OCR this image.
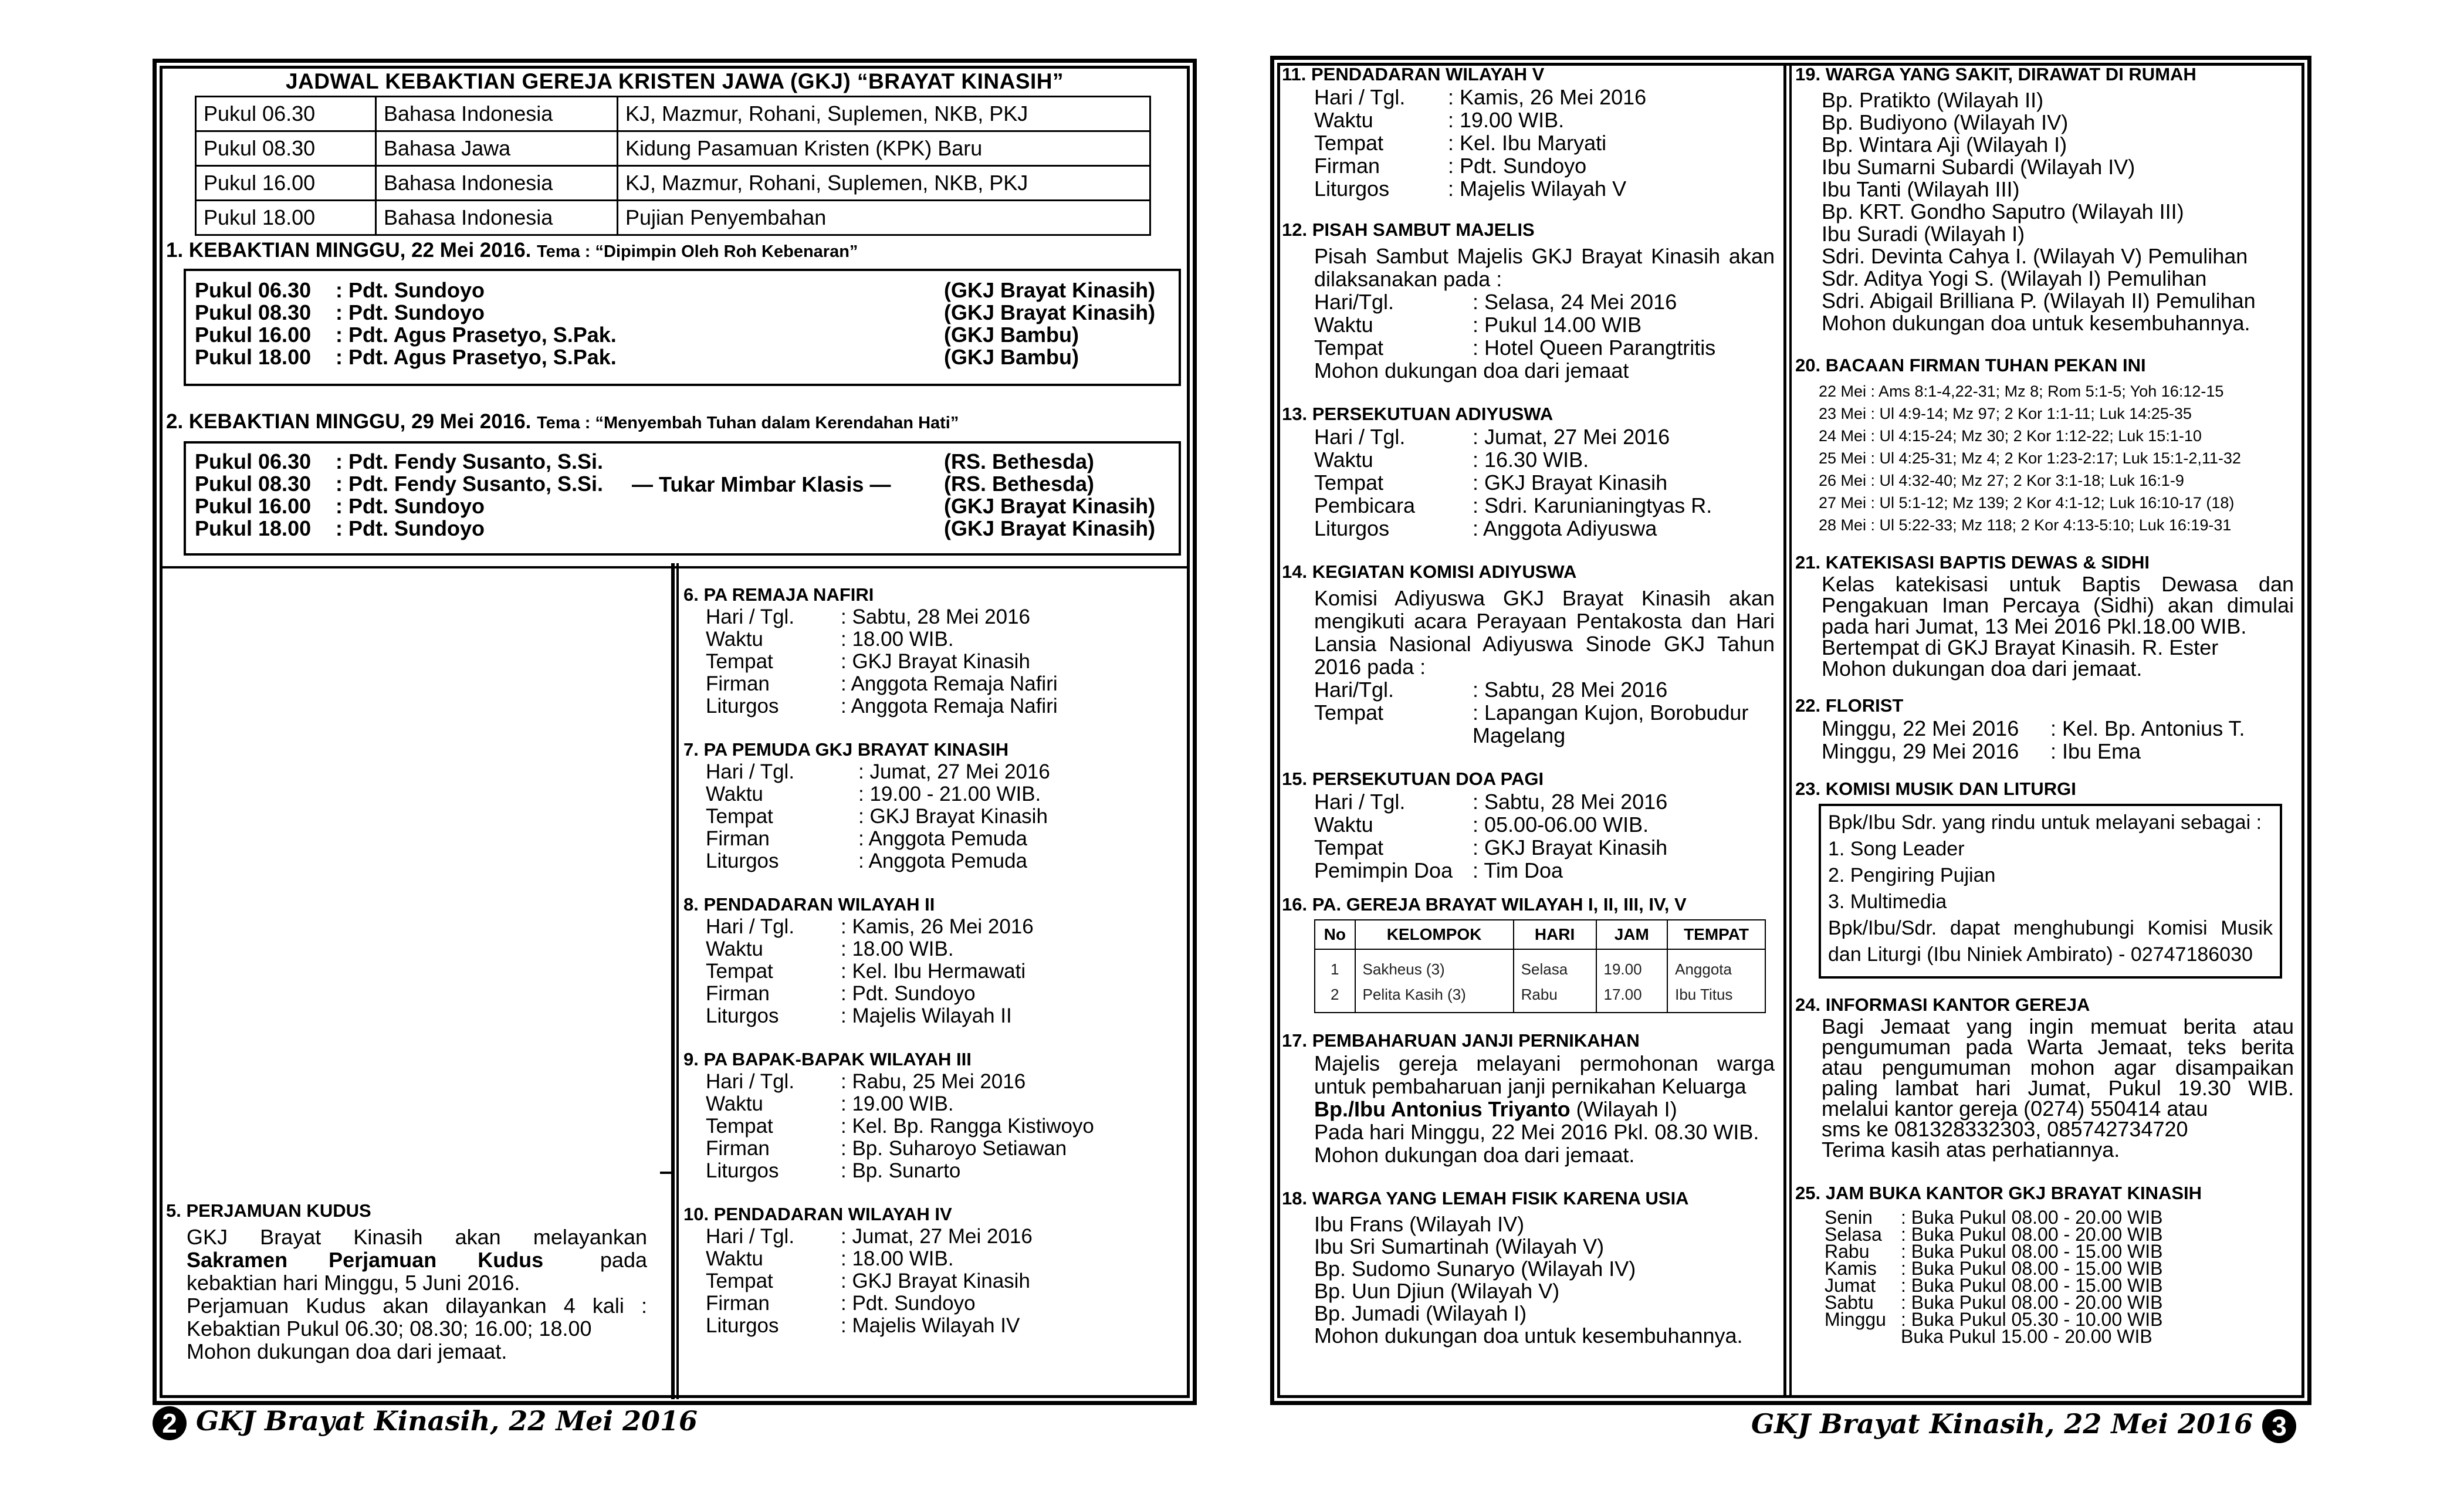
JADWAL KEBAKTIAN GEREJA KRISTEN JAWA (GKJ) “BRAYAT KINASIH”
Pukul 06.30	Bahasa Indonesia	KJ, Mazmur, Rohani, Suplemen, NKB, PKJ
Pukul 08.30	Bahasa Jawa	Kidung Pasamuan Kristen (KPK) Baru
Pukul 16.00	Bahasa Indonesia	KJ, Mazmur, Rohani, Suplemen, NKB, PKJ
Pukul 18.00	Bahasa Indonesia	Pujian Penyembahan
1. KEBAKTIAN MINGGU, 22 Mei 2016. Tema : “Dipimpin Oleh Roh Kebenaran”
Pukul 06.30	: Pdt. Sundoyo	(GKJ Brayat Kinasih)
Pukul 08.30	: Pdt. Sundoyo	(GKJ Brayat Kinasih)
Pukul 16.00	: Pdt. Agus Prasetyo, S.Pak.	(GKJ Bambu)
Pukul 18.00	: Pdt. Agus Prasetyo, S.Pak.	(GKJ Bambu)
2. KEBAKTIAN MINGGU, 29 Mei 2016. Tema : “Menyembah Tuhan dalam Kerendahan Hati”
Pukul 06.30	: Pdt. Fendy Susanto, S.Si.	(RS. Bethesda)
Pukul 08.30	: Pdt. Fendy Susanto, S.Si.	(RS. Bethesda)
Pukul 16.00	: Pdt. Sundoyo	(GKJ Brayat Kinasih)
Pukul 18.00	: Pdt. Sundoyo	(GKJ Brayat Kinasih)
— Tukar Mimbar Klasis —
5. PERJAMUAN KUDUS
GKJ Brayat Kinasih akan melayankan
Sakramen Perjamuan Kudus	pada
kebaktian hari Minggu, 5 Juni 2016.
Perjamuan Kudus akan dilayankan 4 kali :
Kebaktian Pukul 06.30; 08.30; 16.00; 18.00
Mohon dukungan doa dari jemaat.
6. PA REMAJA NAFIRI
Hari / Tgl.	: Sabtu, 28 Mei 2016
Waktu	: 18.00 WIB.
Tempat	: GKJ Brayat Kinasih
Firman	: Anggota Remaja Nafiri
Liturgos	: Anggota Remaja Nafiri
7. PA PEMUDA GKJ BRAYAT KINASIH
Hari / Tgl.	: Jumat, 27 Mei 2016
Waktu	: 19.00 - 21.00 WIB.
Tempat	: GKJ Brayat Kinasih
Firman	: Anggota Pemuda
Liturgos	: Anggota Pemuda
8. PENDADARAN WILAYAH II
Hari / Tgl.	: Kamis, 26 Mei 2016
Waktu	: 18.00 WIB.
Tempat	: Kel. Ibu Hermawati
Firman	: Pdt. Sundoyo
Liturgos	: Majelis Wilayah II
9. PA BAPAK-BAPAK WILAYAH III
Hari / Tgl.	: Rabu, 25 Mei 2016
Waktu	: 19.00 WIB.
Tempat	: Kel. Bp. Rangga Kistiwoyo
Firman	: Bp. Suharoyo Setiawan
Liturgos	: Bp. Sunarto
10. PENDADARAN WILAYAH IV
Hari / Tgl.	: Jumat, 27 Mei 2016
Waktu	: 18.00 WIB.
Tempat	: GKJ Brayat Kinasih
Firman	: Pdt. Sundoyo
Liturgos	: Majelis Wilayah IV
2 GKJ Brayat Kinasih, 22 Mei 2016
11. PENDADARAN WILAYAH V
Hari / Tgl.	: Kamis, 26 Mei 2016
Waktu	: 19.00 WIB.
Tempat	: Kel. Ibu Maryati
Firman	: Pdt. Sundoyo
Liturgos	: Majelis Wilayah V
12. PISAH SAMBUT MAJELIS
Pisah Sambut Majelis GKJ Brayat Kinasih akan dilaksanakan pada :
Hari/Tgl.	: Selasa, 24 Mei 2016
Waktu	: Pukul 14.00 WIB
Tempat	: Hotel Queen Parangtritis
Mohon dukungan doa dari jemaat
13. PERSEKUTUAN ADIYUSWA
Hari / Tgl.	: Jumat, 27 Mei 2016
Waktu	: 16.30 WIB.
Tempat	: GKJ Brayat Kinasih
Pembicara	: Sdri. Karunianingtyas R.
Liturgos	: Anggota Adiyuswa
14. KEGIATAN KOMISI ADIYUSWA
Komisi Adiyuswa GKJ Brayat Kinasih akan mengikuti acara Perayaan Pentakosta dan Hari Lansia Nasional Adiyuswa Sinode GKJ Tahun 2016 pada :
Hari/Tgl.	: Sabtu, 28 Mei 2016
Tempat	: Lapangan Kujon, Borobudur
Magelang
15. PERSEKUTUAN DOA PAGI
Hari / Tgl.	: Sabtu, 28 Mei 2016
Waktu	: 05.00-06.00 WIB.
Tempat	: GKJ Brayat Kinasih
Pemimpin Doa : Tim Doa
16. PA. GEREJA BRAYAT WILAYAH I, II, III, IV, V
No	KELOMPOK	HARI	JAM	TEMPAT
1	Sakheus (3)	Selasa	19.00	Anggota
2	Pelita Kasih (3)	Rabu	17.00	Ibu Titus
17. PEMBAHARUAN JANJI PERNIKAHAN
Majelis gereja melayani permohonan warga untuk pembaharuan janji pernikahan Keluarga
Bp./Ibu Antonius Triyanto (Wilayah I)
Pada hari Minggu, 22 Mei 2016 Pkl. 08.30 WIB.
Mohon dukungan doa dari jemaat.
18. WARGA YANG LEMAH FISIK KARENA USIA
Ibu Frans (Wilayah IV)
Ibu Sri Sumartinah (Wilayah V)
Bp. Sudomo Sunaryo (Wilayah IV)
Bp. Uun Djiun (Wilayah V)
Bp. Jumadi (Wilayah I)
Mohon dukungan doa untuk kesembuhannya.
19. WARGA YANG SAKIT, DIRAWAT DI RUMAH
Bp. Pratikto (Wilayah II)
Bp. Budiyono (Wilayah IV)
Bp. Wintara Aji (Wilayah I)
Ibu Sumarni Subardi (Wilayah IV)
Ibu Tanti (Wilayah III)
Bp. KRT. Gondho Saputro (Wilayah III)
Ibu Suradi (Wilayah I)
Sdri. Devinta Cahya I. (Wilayah V) Pemulihan
Sdr. Aditya Yogi S. (Wilayah I) Pemulihan
Sdri. Abigail Brilliana P. (Wilayah II) Pemulihan
Mohon dukungan doa untuk kesembuhannya.
20. BACAAN FIRMAN TUHAN PEKAN INI
22 Mei : Ams 8:1-4,22-31; Mz 8; Rom 5:1-5; Yoh 16:12-15
23 Mei : Ul 4:9-14; Mz 97; 2 Kor 1:1-11; Luk 14:25-35
24 Mei : Ul 4:15-24; Mz 30; 2 Kor 1:12-22; Luk 15:1-10
25 Mei : Ul 4:25-31; Mz 4; 2 Kor 1:23-2:17; Luk 15:1-2,11-32
26 Mei : Ul 4:32-40; Mz 27; 2 Kor 3:1-18; Luk 16:1-9
27 Mei : Ul 5:1-12; Mz 139; 2 Kor 4:1-12; Luk 16:10-17 (18)
28 Mei : Ul 5:22-33; Mz 118; 2 Kor 4:13-5:10; Luk 16:19-31
21. KATEKISASI BAPTIS DEWAS & SIDHI
Kelas katekisasi untuk Baptis Dewasa dan Pengakuan Iman Percaya (Sidhi) akan dimulai pada hari Jumat, 13 Mei 2016 Pkl.18.00 WIB.
Bertempat di GKJ Brayat Kinasih. R. Ester
Mohon dukungan doa dari jemaat.
22. FLORIST
Minggu, 22 Mei 2016	: Kel. Bp. Antonius T.
Minggu, 29 Mei 2016	: Ibu Ema
23. KOMISI MUSIK DAN LITURGI
Bpk/Ibu Sdr. yang rindu untuk melayani sebagai :
1. Song Leader
2. Pengiring Pujian
3. Multimedia
Bpk/Ibu/Sdr. dapat menghubungi Komisi Musik dan Liturgi (Ibu Niniek Ambirato) - 02747186030
24. INFORMASI KANTOR GEREJA
Bagi Jemaat yang ingin memuat berita atau pengumuman pada Warta Jemaat, teks berita atau pengumuman mohon agar disampaikan paling lambat hari Jumat, Pukul 19.30 WIB. melalui kantor gereja (0274) 550414 atau
sms ke 081328332303, 085742734720
Terima kasih atas perhatiannya.
25. JAM BUKA KANTOR GKJ BRAYAT KINASIH
Senin	: Buka Pukul 08.00 - 20.00 WIB
Selasa	: Buka Pukul 08.00 - 20.00 WIB
Rabu	: Buka Pukul 08.00 - 15.00 WIB
Kamis	: Buka Pukul 08.00 - 15.00 WIB
Jumat	: Buka Pukul 08.00 - 15.00 WIB
Sabtu	: Buka Pukul 08.00 - 20.00 WIB
Minggu : Buka Pukul 05.30 - 10.00 WIB
Buka Pukul 15.00 - 20.00 WIB
GKJ Brayat Kinasih, 22 Mei 2016 3
